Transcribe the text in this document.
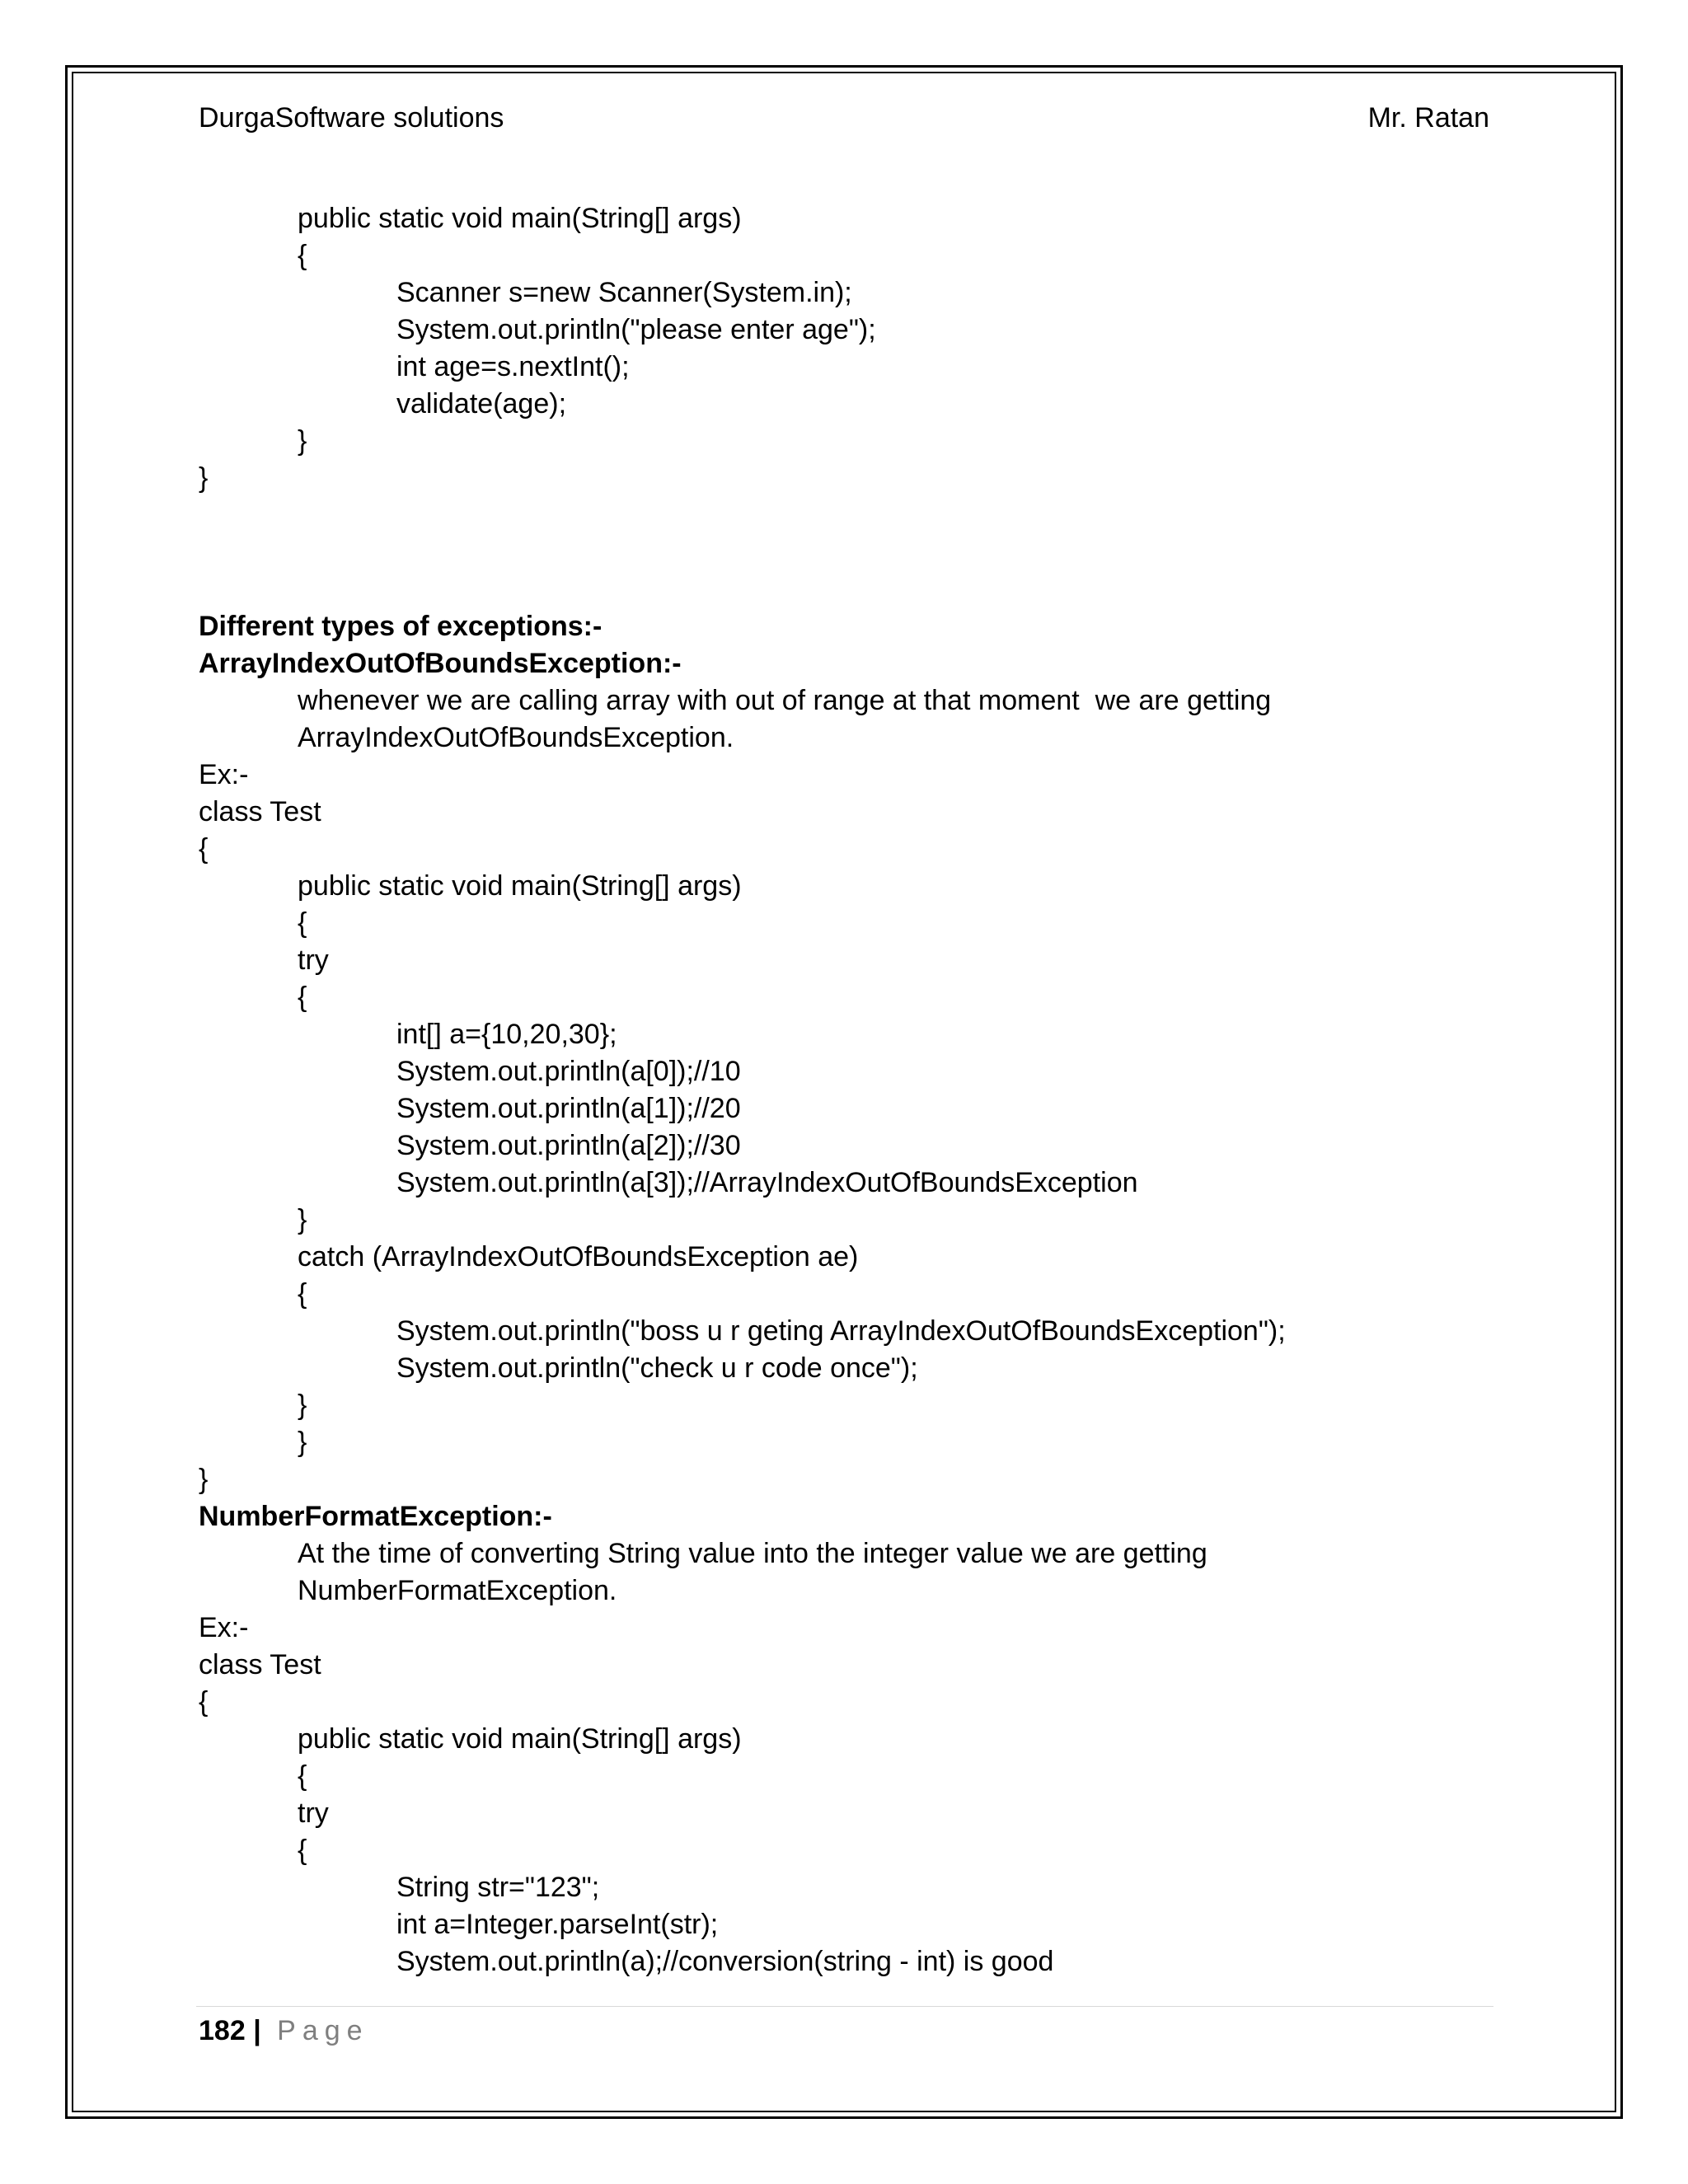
DurgaSoftware solutions	Mr. Ratan
public static void main(String[] args)
{
Scanner s=new Scanner(System.in);
System.out.println("please enter age");
int age=s.nextInt();
validate(age);
}
}
Different types of exceptions:-
ArrayIndexOutOfBoundsException:-
whenever we are calling array with out of range at that moment  we are getting
ArrayIndexOutOfBoundsException.
Ex:-
class Test
{
public static void main(String[] args)
{
try
{
int[] a={10,20,30};
System.out.println(a[0]);//10
System.out.println(a[1]);//20
System.out.println(a[2]);//30
System.out.println(a[3]);//ArrayIndexOutOfBoundsException
}
catch (ArrayIndexOutOfBoundsException ae)
{
System.out.println("boss u r geting ArrayIndexOutOfBoundsException");
System.out.println("check u r code once");
}
}
}
NumberFormatException:-
At the time of converting String value into the integer value we are getting
NumberFormatException.
Ex:-
class Test
{
public static void main(String[] args)
{
try
{
String str="123";
int a=Integer.parseInt(str);
System.out.println(a);//conversion(string - int) is good
182 | Page
